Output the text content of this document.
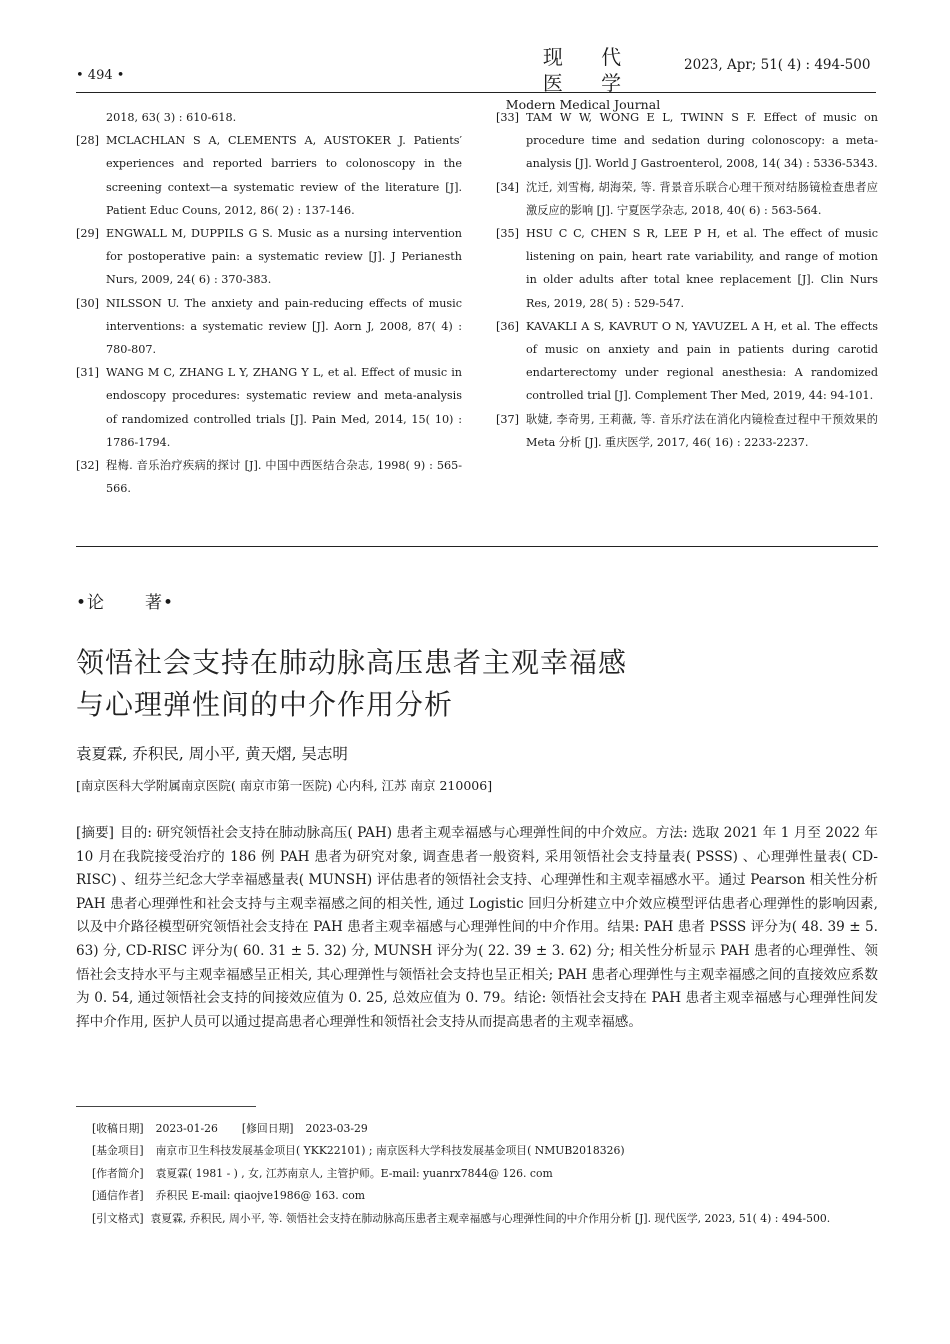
• 494 •
现 代 医 学
Modern Medical Journal
2023, Apr; 51( 4) : 494-500
2018, 63( 3) : 610-618.
[28] MCLACHLAN S A, CLEMENTS A, AUSTOKER J. Patients′ experiences and reported barriers to colonoscopy in the screening context—a systematic review of the literature [J]. Patient Educ Couns, 2012, 86( 2) : 137-146.
[29] ENGWALL M, DUPPILS G S. Music as a nursing intervention for postoperative pain: a systematic review [J]. J Perianesth Nurs, 2009, 24( 6) : 370-383.
[30] NILSSON U. The anxiety and pain-reducing effects of music interventions: a systematic review [J]. Aorn J, 2008, 87( 4) : 780-807.
[31] WANG M C, ZHANG L Y, ZHANG Y L, et al. Effect of music in endoscopy procedures: systematic review and meta-analysis of randomized controlled trials [J]. Pain Med, 2014, 15( 10) : 1786-1794.
[32] 程梅. 音乐治疗疾病的探讨 [J]. 中国中西医结合杂志, 1998( 9) : 565-566.
[33] TAM W W, WONG E L, TWINN S F. Effect of music on procedure time and sedation during colonoscopy: a meta-analysis [J]. World J Gastroenterol, 2008, 14( 34) : 5336-5343.
[34] 沈迁, 刘雪梅, 胡海荣, 等. 背景音乐联合心理干预对结肠镜检查患者应激反应的影响 [J]. 宁夏医学杂志, 2018, 40( 6) : 563-564.
[35] HSU C C, CHEN S R, LEE P H, et al. The effect of music listening on pain, heart rate variability, and range of motion in older adults after total knee replacement [J]. Clin Nurs Res, 2019, 28( 5) : 529-547.
[36] KAVAKLI A S, KAVRUT O N, YAVUZEL A H, et al. The effects of music on anxiety and pain in patients during carotid endarterectomy under regional anesthesia: A randomized controlled trial [J]. Complement Ther Med, 2019, 44: 94-101.
[37] 耿婕, 李奇男, 王莉薇, 等. 音乐疗法在消化内镜检查过程中干预效果的 Meta 分析 [J]. 重庆医学, 2017, 46( 16) : 2233-2237.
•论 著•
领悟社会支持在肺动脉高压患者主观幸福感
与心理弹性间的中介作用分析
袁夏霖, 乔积民, 周小平, 黄天熠, 吴志明
[南京医科大学附属南京医院( 南京市第一医院) 心内科, 江苏 南京 210006]

[摘要] 目的: 研究领悟社会支持在肺动脉高压( PAH) 患者主观幸福感与心理弹性间的中介效应。方法: 选取 2021 年 1 月至 2022 年 10 月在我院接受治疗的 186 例 PAH 患者为研究对象, 调查患者一般资料, 采用领悟社会支持量表( PSSS) 、心理弹性量表( CD-RISC) 、纽芬兰纪念大学幸福感量表( MUNSH) 评估患者的领悟社会支持、心理弹性和主观幸福感水平。通过 Pearson 相关性分析 PAH 患者心理弹性和社会支持与主观幸福感之间的相关性, 通过 Logistic 回归分析建立中介效应模型评估患者心理弹性的影响因素, 以及中介路径模型研究领悟社会支持在 PAH 患者主观幸福感与心理弹性间的中介作用。结果: PAH 患者 PSSS 评分为( 48. 39 ± 5. 63) 分, CD-RISC 评分为( 60. 31 ± 5. 32) 分, MUNSH 评分为( 22. 39 ± 3. 62) 分; 相关性分析显示 PAH 患者的心理弹性、领悟社会支持水平与主观幸福感呈正相关, 其心理弹性与领悟社会支持也呈正相关; PAH 患者心理弹性与主观幸福感之间的直接效应系数为 0. 54, 通过领悟社会支持的间接效应值为 0. 25, 总效应值为 0. 79。结论: 领悟社会支持在 PAH 患者主观幸福感与心理弹性间发挥中介作用, 医护人员可以通过提高患者心理弹性和领悟社会支持从而提高患者的主观幸福感。

[收稿日期] 2023-01-26 [修回日期] 2023-03-29
[基金项目] 南京市卫生科技发展基金项目( YKK22101) ; 南京医科大学科技发展基金项目( NMUB2018326)
[作者简介] 袁夏霖( 1981 - ) , 女, 江苏南京人, 主管护师。E-mail: yuanrx7844@ 126. com
[通信作者] 乔积民 E-mail: qiaojve1986@ 163. com
[引文格式] 袁夏霖, 乔积民, 周小平, 等. 领悟社会支持在肺动脉高压患者主观幸福感与心理弹性间的中介作用分析 [J]. 现代医学, 2023, 51( 4) : 494-500.
